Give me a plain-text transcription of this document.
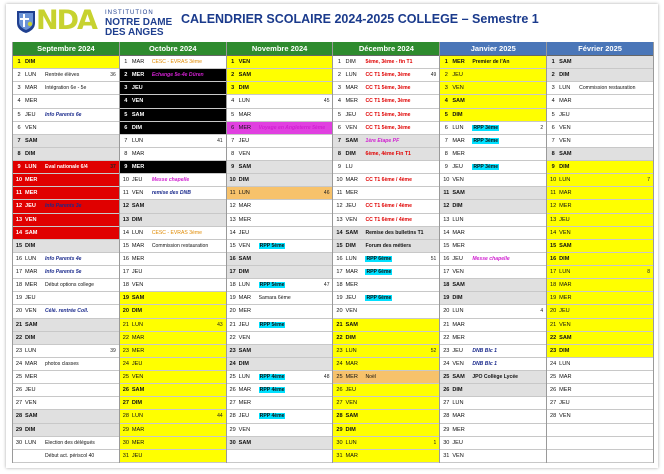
NDA INSTITUTION
NOTRE DAME
DES ANGES
CALENDRIER SCOLAIRE 2024-2025 COLLEGE – Semestre 1
Septembre 2024
1 DIM
2 LUN	Rentrée élèves	36
3 MAR	Intégration 6e - 5e
4 MER
5 JEU	Info Parents 6e
6 VEN
7 SAM
8 DIM
9 LUN	Eval nationale 6/4	37
10 MER
11 MER
12 JEU	Info Parents 3e
13 VEN
14 SAM
15 DIM
16 LUN	Info Parents 4e
17 MAR	Info Parents 5e
18 MER	Début options college
19 JEU
20 VEN	Célé. rentrée Coll.
21 SAM
22 DIM
23 LUN	39
24 MAR	photos classes
25 MER
26 JEU
27 VEN
28 SAM
29 DIM
30 LUN	Election des délégués
Début act. périscol 40
Octobre 2024
1 MAR	CESC - EVRAS 3ème
2 MER	Echange 5e-4e Düren
3 JEU
4 VEN
5 SAM
6 DIM
7 LUN	41
8 MAR
9 MER
10 JEU	Messe chapelle
11 VEN	remise des DNB
12 SAM
13 DIM
14 LUN	CESC - EVRAS 3ème
15 MAR	Commission restauration
16 MER
17 JEU
18 VEN
19 SAM
20 DIM
21 LUN	43
22 MAR
23 MER
24 JEU
25 VEN
26 SAM
27 DIM
28 LUN	44
29 MAR
30 MER
31 JEU
Novembre 2024
1 VEN
2 SAM
3 DIM
4 LUN	45
5 MAR
6 MER	Voyage en Angleterre 5ème
7 JEU
8 VEN
9 SAM
10 DIM
11 LUN	46
12 MAR
13 MER
14 JEU
15 VEN	RPP 5ème
16 SAM
17 DIM
18 LUN	RPP 5ème	47
19 MAR	Samara 6ème
20 MER
21 JEU	RPP 5ème
22 VEN
23 SAM
24 DIM
25 LUN	RPP 4ème	48
26 MAR	RPP 4ème
27 MER
28 JEU	RPP 4ème
29 VEN
30 SAM
Décembre 2024
1 DIM	5ème, 3ème - fin T1
2 LUN	CC T1 5ème, 3ème	49
3 MAR	CC T1 5ème, 3ème
4 MER	CC T1 5ème, 3ème
5 JEU	CC T1 5ème, 3ème
6 VEN	CC T1 5ème, 3ème
7 SAM	1ère Étape PF
8 DIM	6ème, 4ème Fin T1
9 LU
10 MAR	CC T1 6ème / 4ème
11 MER
12 JEU	CC T1 6ème / 4ème
13 VEN	CC T1 6ème / 4ème
14 SAM	Remise des bulletins T1
15 DIM	Forum des métiers
16 LUN	RPP 6ème	51
17 MAR	RPP 6ème
18 MER
19 JEU	RPP 6ème
20 VEN
21 SAM
22 DIM
23 LUN	52
24 MAR
25 MER	Noël
26 JEU
27 VEN
28 SAM
29 DIM
30 LUN	1
31 MAR
Janvier 2025
1 MER	Premier de l'An
2 JEU
3 VEN
4 SAM
5 DIM
6 LUN	RPP 3ème	2
7 MAR	RPP 3ème
8 MER
9 JEU	RPP 3ème
10 VEN
11 SAM
12 DIM
13 LUN
14 MAR
15 MER
16 JEU	Messe chapelle
17 VEN
18 SAM
19 DIM
20 LUN	4
21 MAR
22 MER
23 JEU	DNB Blc 1
24 VEN	DNB Blc 1
25 SAM	JPO Collège Lycée
26 DIM
27 LUN
28 MAR
29 MER
30 JEU
31 VEN
Février 2025
1 SAM
2 DIM
3 LUN	Commission restauration
4 MAR
5 JEU
6 VEN
7 VEN
8 SAM
9 DIM
10 LUN	7
11 MAR
12 MER
13 JEU
14 VEN
15 SAM
16 DIM
17 LUN	8
18 MAR
19 MER
20 JEU
21 VEN
22 SAM
23 DIM
24 LUN
25 MAR
26 MER
27 JEU
28 VEN
